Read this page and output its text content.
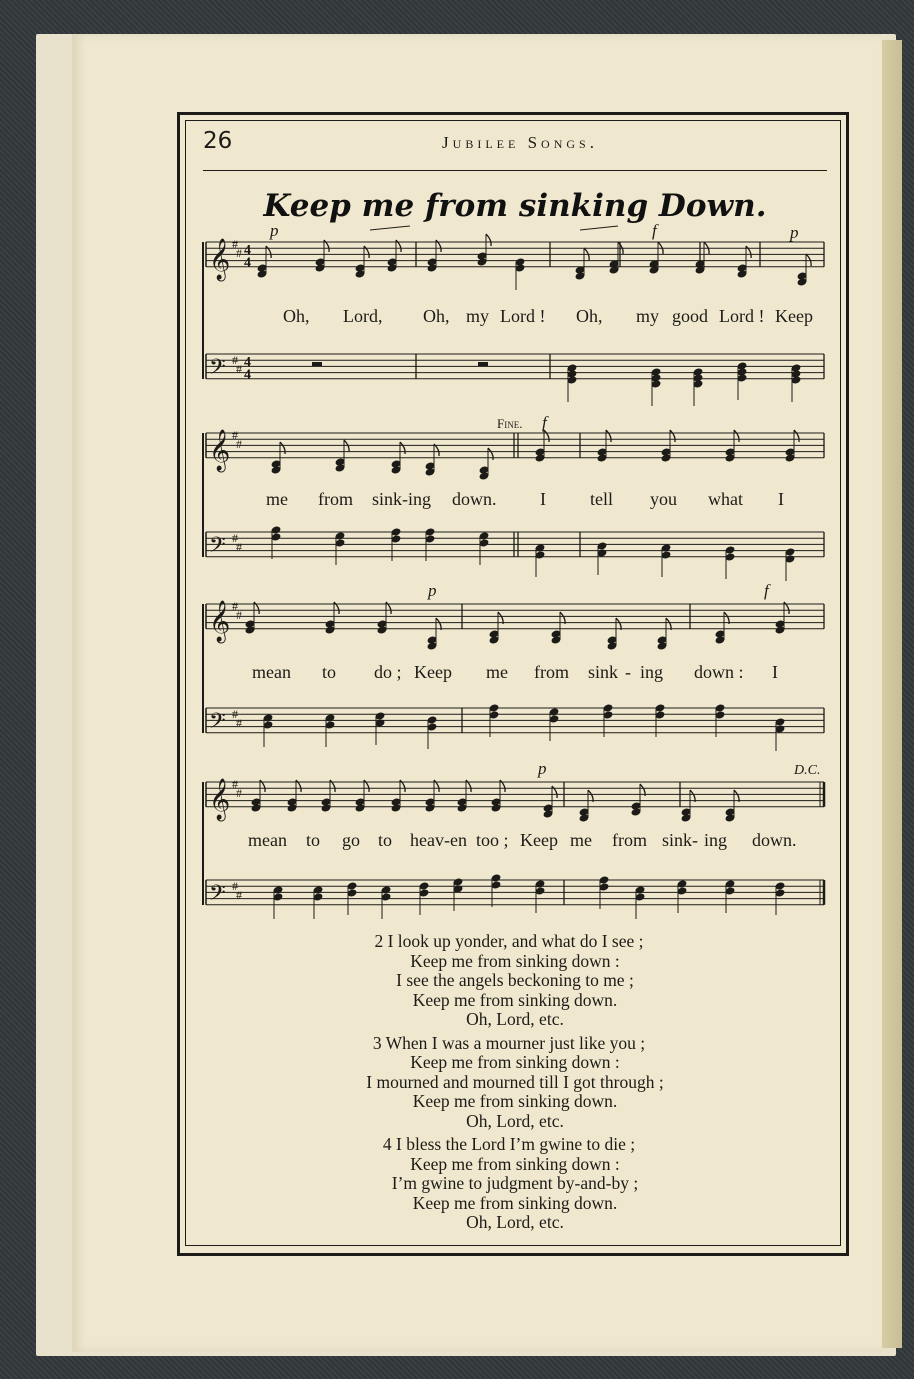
26	Jubilee Songs.
Keep me from sinking Down.
𝄞 #
# 4
4
𝄢 #
# 4
4
p	f	p
Oh, Lord, Oh, my Lord ! Oh, my good Lord ! Keep
𝄞 #
#
𝄢 #
#
Fine. f
me from sink-ing down. I tell you what I
𝄞 #
#
𝄢 #
#
p	f
mean to do ; Keep me from sink - ing down : I
𝄞 #
#
𝄢 #
#
p	D.C.
mean to go to heav-en too ; Keep me from sink- ing down.
2 I look up yonder, and what do I see ;
Keep me from sinking down :
I see the angels beckoning to me ;
Keep me from sinking down.
Oh, Lord, etc.
3 When I was a mourner just like you ;
Keep me from sinking down :
I mourned and mourned till I got through ;
Keep me from sinking down.
Oh, Lord, etc.
4 I bless the Lord I’m gwine to die ;
Keep me from sinking down :
I’m gwine to judgment by-and-by ;
Keep me from sinking down.
Oh, Lord, etc.
